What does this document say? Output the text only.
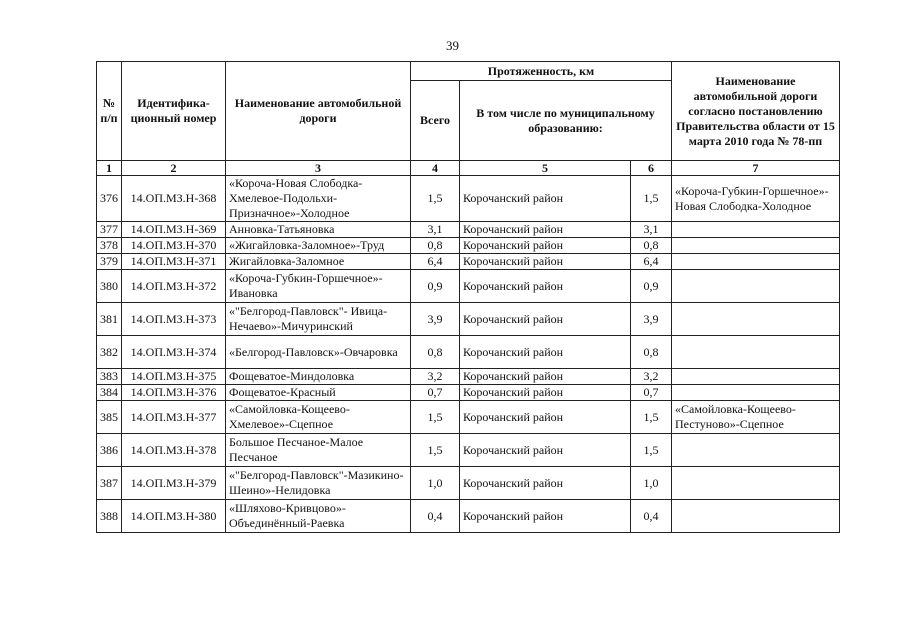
39
№ п/п	Идентифика-ционный номер	Наименование автомобильной дороги	Протяженность, км			Наименование автомобильной дороги согласно постановлению Правительства области от 15 марта 2010 года № 78-пп
			Всего	В том числе по муниципальному образованию:		
1	2	3	4	5	6	7
376	14.ОП.МЗ.Н-368	«Короча-Новая Слободка-Хмелевое-Подольхи-Призначное»-Холодное	1,5	Корочанский район	1,5	«Короча-Губкин-Горшечное»-Новая Слободка-Холодное
377	14.ОП.МЗ.Н-369	Анновка-Татьяновка	3,1	Корочанский район	3,1	
378	14.ОП.МЗ.Н-370	«Жигайловка-Заломное»-Труд	0,8	Корочанский район	0,8	
379	14.ОП.МЗ.Н-371	Жигайловка-Заломное	6,4	Корочанский район	6,4	
380	14.ОП.МЗ.Н-372	«Короча-Губкин-Горшечное»-Ивановка	0,9	Корочанский район	0,9	
381	14.ОП.МЗ.Н-373	«"Белгород-Павловск"- Ивица-Нечаево»-Мичуринский	3,9	Корочанский район	3,9	
382	14.ОП.МЗ.Н-374	«Белгород-Павловск»-Овчаровка	0,8	Корочанский район	0,8	
383	14.ОП.МЗ.Н-375	Фощеватое-Миндоловка	3,2	Корочанский район	3,2	
384	14.ОП.МЗ.Н-376	Фощеватое-Красный	0,7	Корочанский район	0,7	
385	14.ОП.МЗ.Н-377	«Самойловка-Кощеево-Хмелевое»-Сцепное	1,5	Корочанский район	1,5	«Самойловка-Кощеево-Пестуново»-Сцепное
386	14.ОП.МЗ.Н-378	Большое Песчаное-Малое Песчаное	1,5	Корочанский район	1,5	
387	14.ОП.МЗ.Н-379	«"Белгород-Павловск"-Мазикино-Шеино»-Нелидовка	1,0	Корочанский район	1,0	
388	14.ОП.МЗ.Н-380	«Шляхово-Кривцово»-Объединённый-Раевка	0,4	Корочанский район	0,4	
